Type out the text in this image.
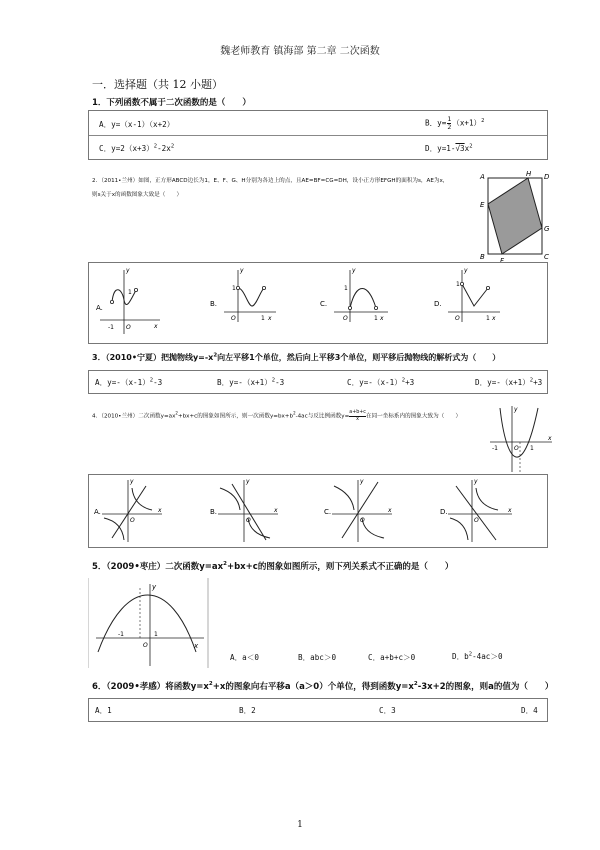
魏老师教育 镇海部 第二章 二次函数
一．选择题（共 12 小题）
1．下列函数不属于二次函数的是（　　）
A．y=（x-1）（x+2）	B．$y= \frac{1}{2} (x+1)^2$
C．$y=2(x+3)^2-2x^2$	D．$y=1-√3x^2$
2．（2011•兰州）如图，正方形ABCD边长为1，E、F、G、H分别为各边上的点，且AE=BF=CG=DH，设小正方形EFGH的面积为s，AE为x，
则s关于x的函数图象大致是（　　）
A	H D
E
G
B F	C
A.
y
1
-1 O	x
B.
y
1
O	1 x
C.
y
1
O	1 x
D.
y
1
O	1 x
3．（2010•宁夏）把抛物线$y=-x^2$向左平移1个单位，然后向上平移3个单位，则平移后抛物线的解析式为（　　）
A．$y=-(x-1)^2-3$	B．$y=-(x+1)^2-3$	C．$y=-(x-1)^2+3$	D．$y=-(x+1)^2+3$
4．（2010•兰州）二次函数$y=ax^2+bx+c$的图象如图所示，则一次函数$y=bx+b^2-4ac$与反比例函数$y= \frac{a+b+c}{x}$ 在同一坐标系内的图象大致为（　　）
y
-1	O 1
x
A.
y
O
x	B.
y
O
x	C.
y
O
x	D.
y
O
x
5．（2009•枣庄）二次函数$y=ax^2+bx+c$的图象如图所示，则下列关系式不正确的是（　　）
y
-1
O
1
x
A．a＜0	B．abc＞0	C．a+b+c＞0	D．$b^2-4ac>0$
6．（2009•孝感）将函数$y=x^2+x$的图象向右平移a（a＞0）个单位，得到函数$y=x^2-3x+2$的图象，则a的值为（　　）
A．1	B．2	C．3	D．4
1
